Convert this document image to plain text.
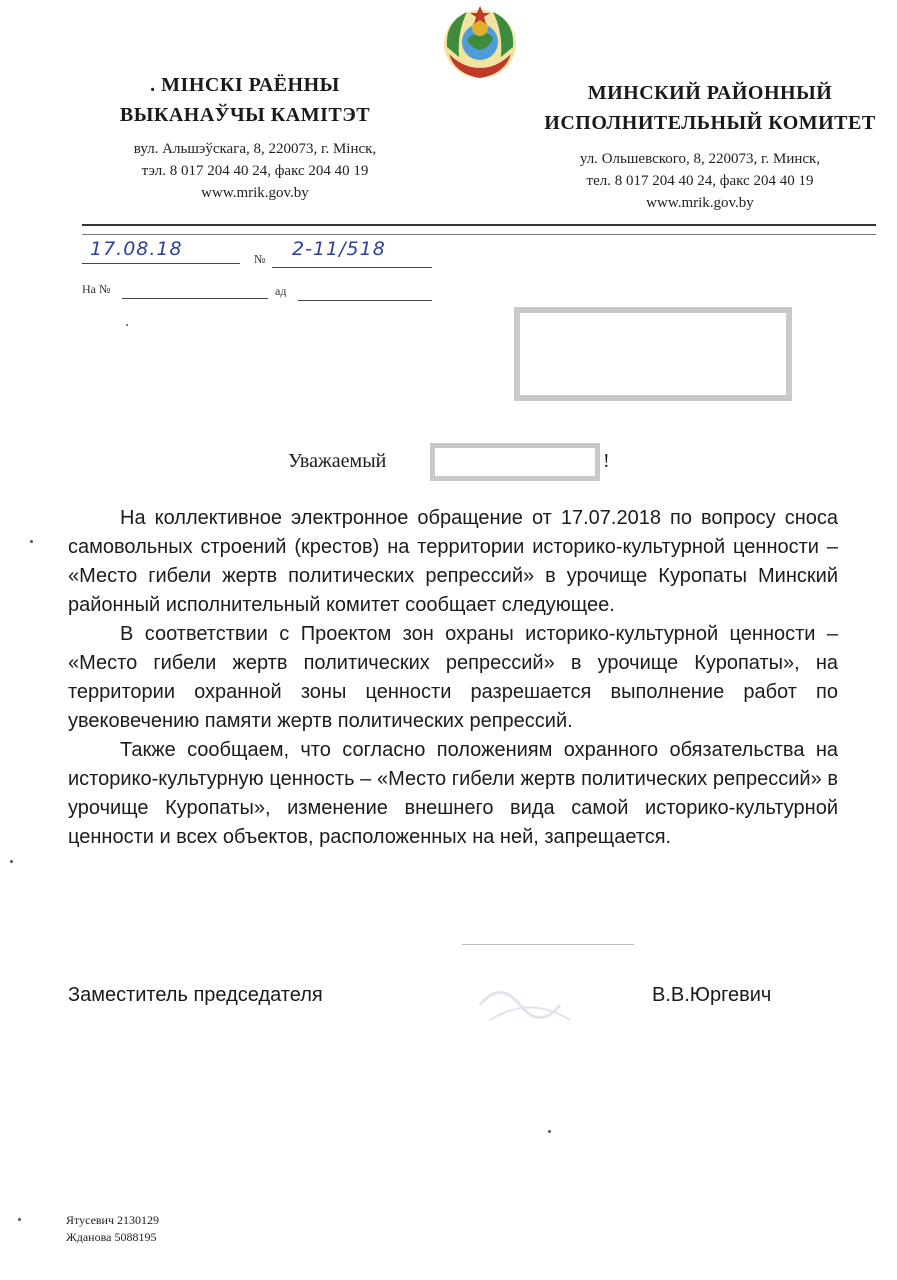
. МІНСКІ РАЁННЫ
ВЫКАНАЎЧЫ КАМІТЭТ
вул. Альшэўскага, 8, 220073, г. Мінск,
тэл. 8 017 204 40 24, факс 204 40 19
www.mrik.gov.by
МИНСКИЙ РАЙОННЫЙ
ИСПОЛНИТЕЛЬНЫЙ КОМИТЕТ
ул. Ольшевского, 8, 220073, г. Минск,
тел. 8 017 204 40 24, факс 204 40 19
www.mrik.gov.by
17.08.18	№ 2-11/518
На №	ад
Уважаемый	!

На коллективное электронное обращение от 17.07.2018 по вопросу сноса самовольных строений (крестов) на территории историко-культурной ценности – «Место гибели жертв политических репрессий» в урочище Куропаты Минский районный исполнительный комитет сообщает следующее.

В соответствии с Проектом зон охраны историко-культурной ценности – «Место гибели жертв политических репрессий» в урочище Куропаты», на территории охранной зоны ценности разрешается выполнение работ по увековечению памяти жертв политических репрессий.

Также сообщаем, что согласно положениям охранного обязательства на историко-культурную ценность – «Место гибели жертв политических репрессий» в урочище Куропаты», изменение внешнего вида самой историко-культурной ценности и всех объектов, расположенных на ней, запрещается.

Заместитель председателя	В.В.Юргевич
Ятусевич 2130129
Жданова 5088195
